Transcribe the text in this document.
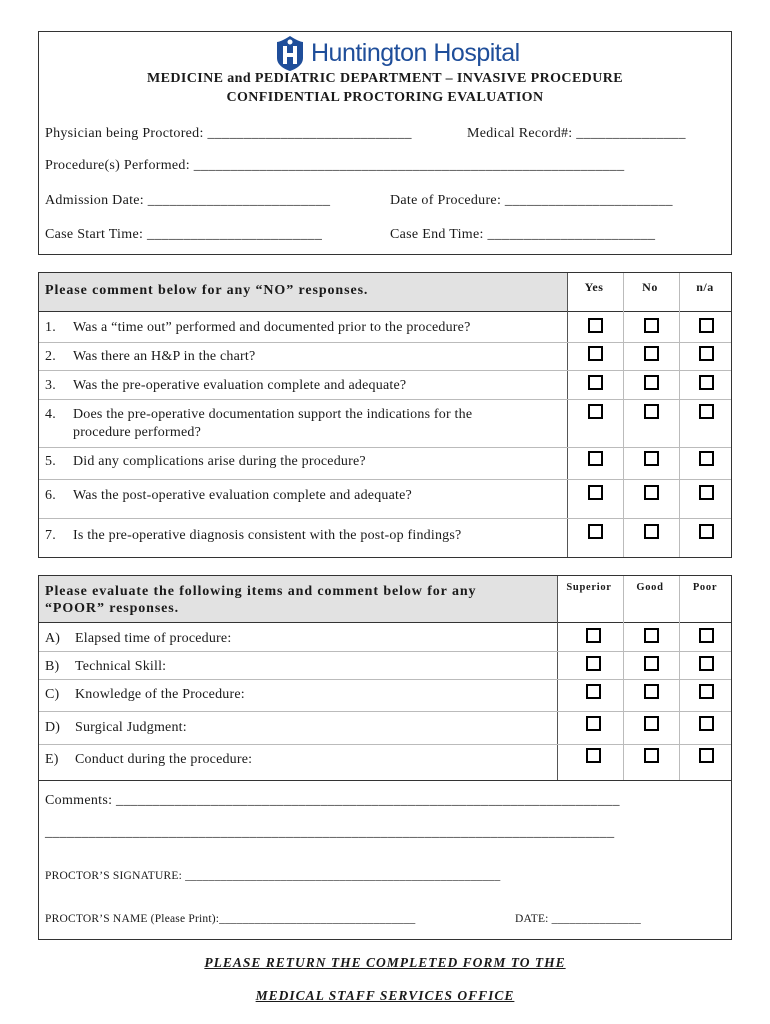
Huntington Hospital
MEDICINE and PEDIATRIC DEPARTMENT – INVASIVE PROCEDURE
CONFIDENTIAL PROCTORING EVALUATION
Physician being Proctored: ____________________________	Medical Record#: _______________
Procedure(s) Performed: ___________________________________________________________
Admission Date: _________________________	Date of Procedure: _______________________
Case Start Time: ________________________	Case End Time: _______________________
Please comment below for any “NO” responses.	Yes	No	n/a
1. Was a “time out” performed and documented prior to the procedure?
2. Was there an H&P in the chart?
3. Was the pre-operative evaluation complete and adequate?
4. Does the pre-operative documentation support the indications for the
procedure performed?
5. Did any complications arise during the procedure?
6. Was the post-operative evaluation complete and adequate?
7. Is the pre-operative diagnosis consistent with the post-op findings?
Please evaluate the following items and comment below for any
“POOR” responses.
Superior	Good	Poor
A) Elapsed time of procedure:
B) Technical Skill:
C) Knowledge of the Procedure:
D) Surgical Judgment:
E) Conduct during the procedure:
Comments: _____________________________________________________________________
______________________________________________________________________________
PROCTOR’S SIGNATURE: _____________________________________________________
PROCTOR’S NAME (Please Print):_________________________________	DATE: _______________
PLEASE RETURN THE COMPLETED FORM TO THE
MEDICAL STAFF SERVICES OFFICE
